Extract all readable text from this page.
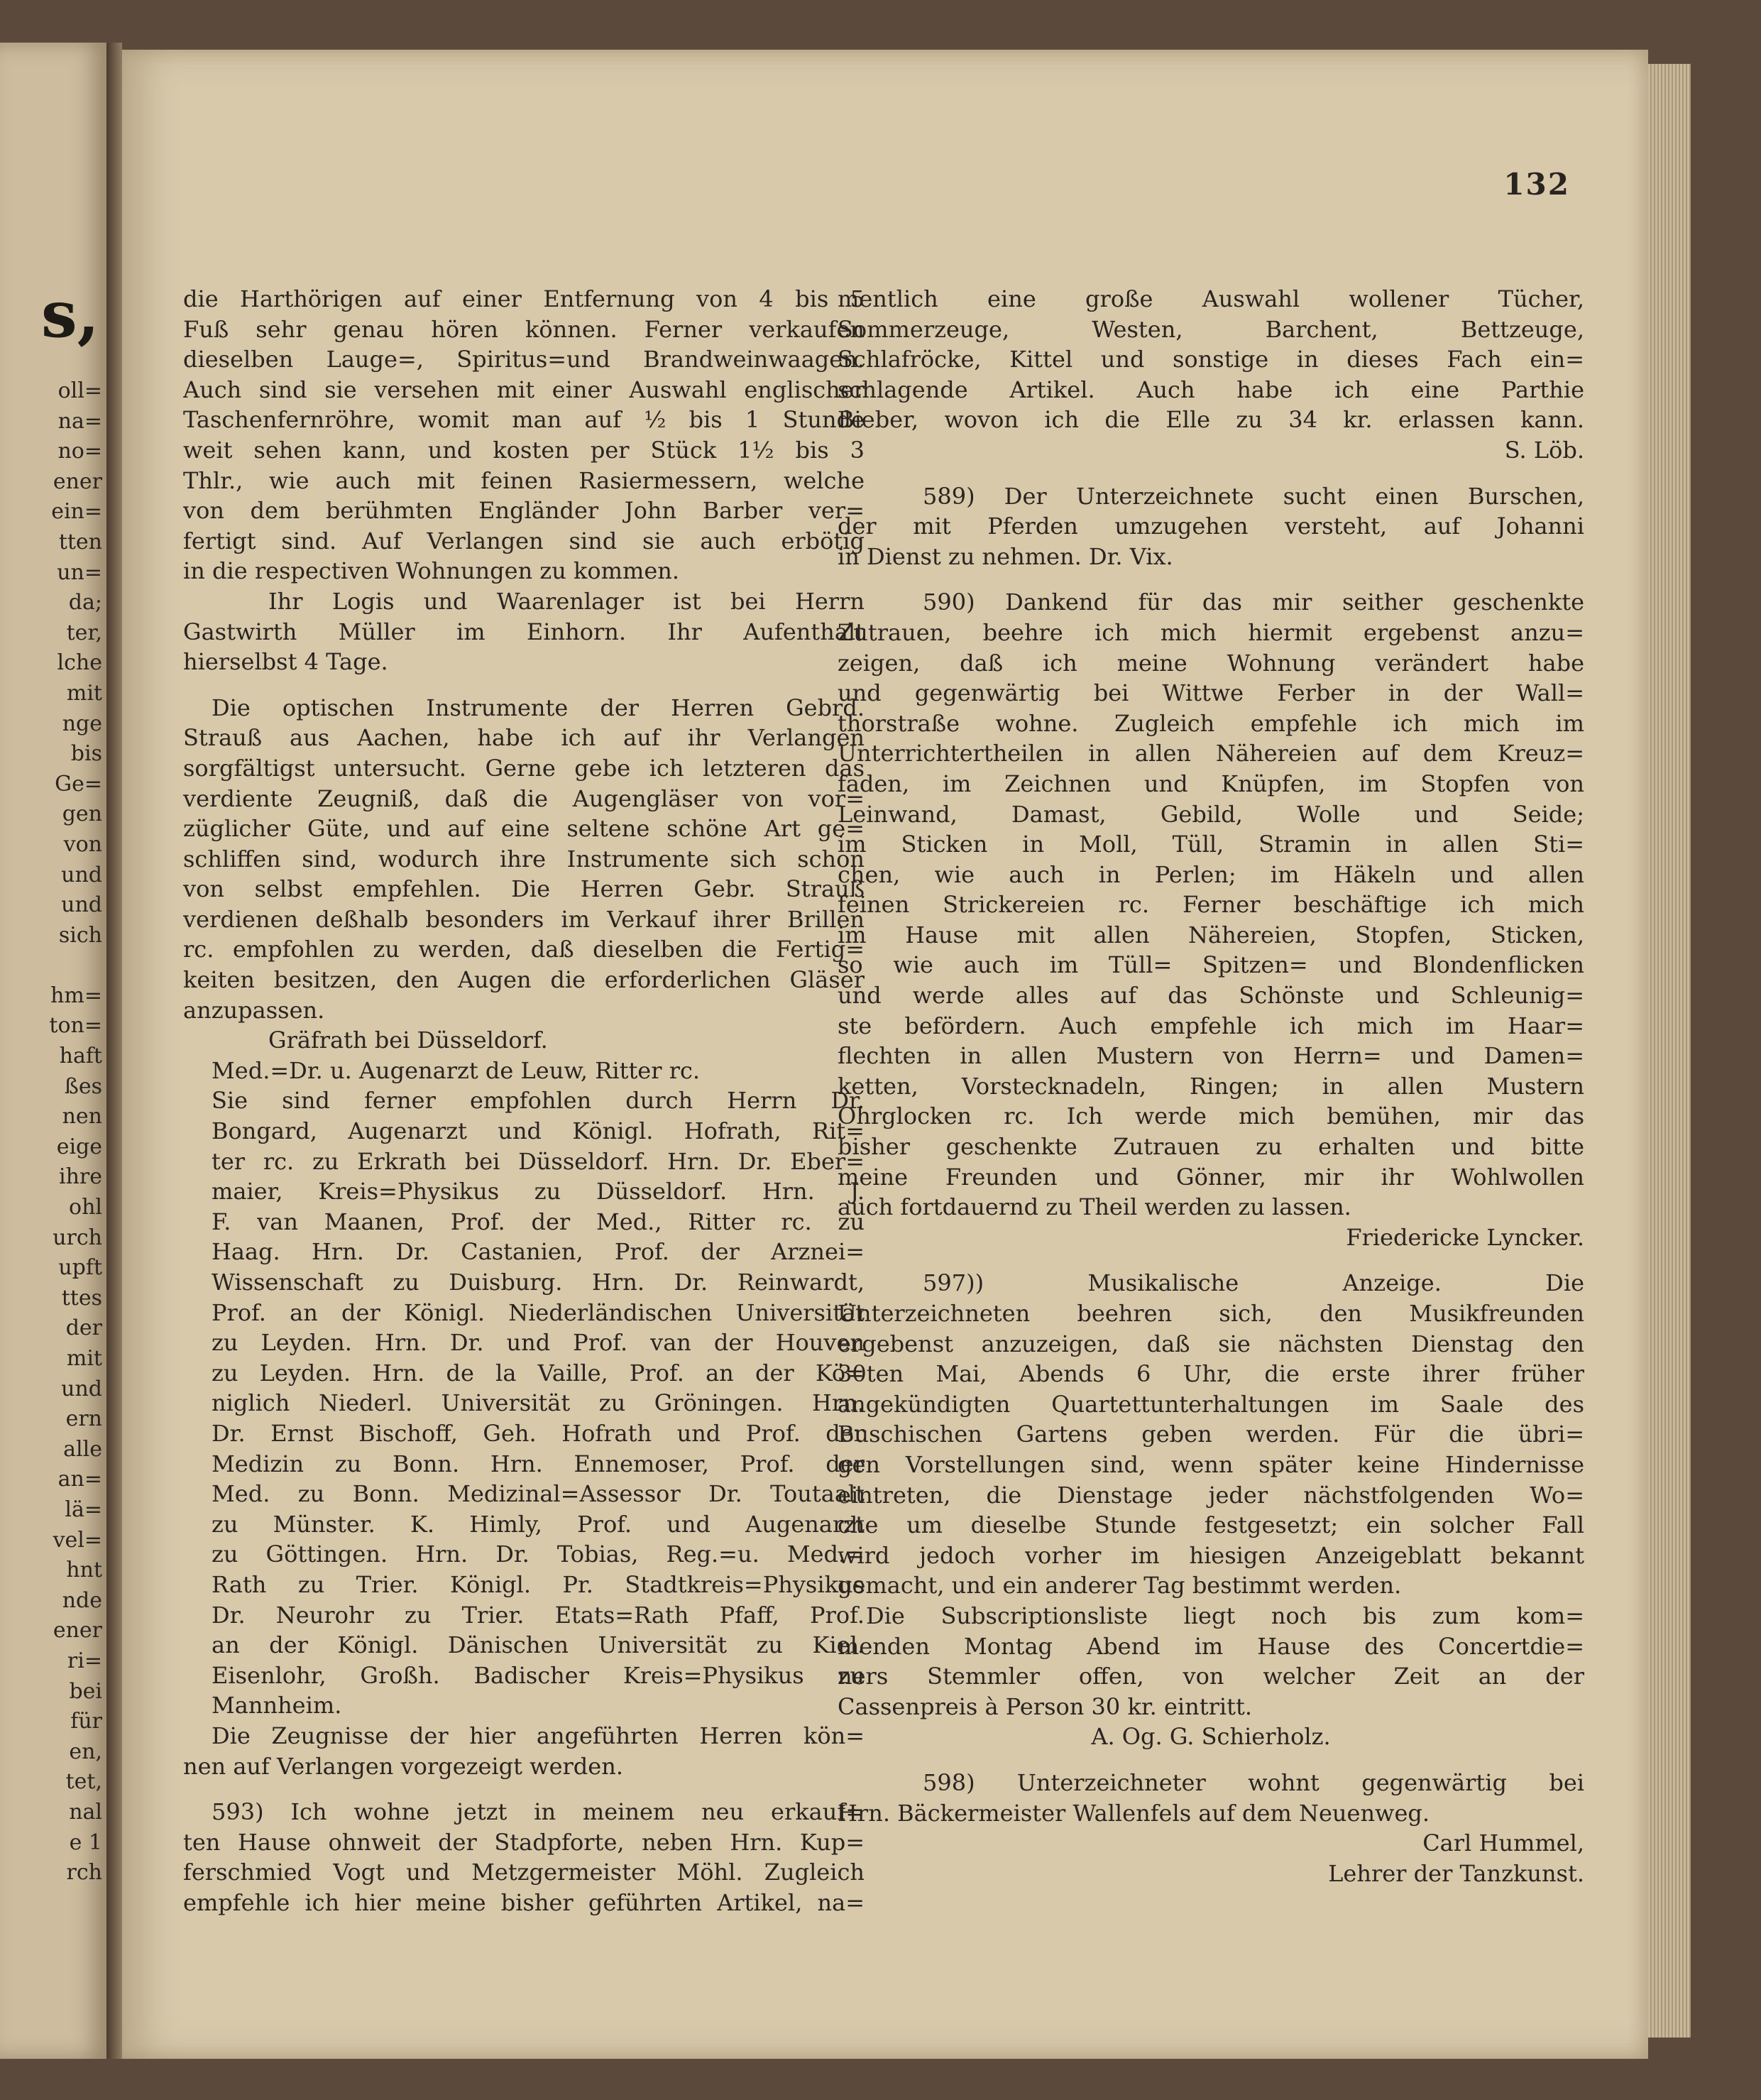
s,
oll=
na=
no=
ener
ein=
tten
un=
da;
ter,
lche
mit
nge
bis
Ge=
gen
von
und
und
sich
hm=
ton=
haft
ßes
nen
eige
ihre
ohl
urch
upft
ttes
der
mit
und
ern
alle
an=
lä=
vel=
hnt
nde
ener
ri=
bei
für
en,
tet,
nal
e 1
rch
132
die Harthörigen auf einer Entfernung von 4 bis 5
Fuß sehr genau hören können. Ferner verkaufen
dieselben Lauge=, Spiritus=und Brandweinwaagen.
Auch sind sie versehen mit einer Auswahl englischer
Taschenfernröhre, womit man auf ½ bis 1 Stunde
weit sehen kann, und kosten per Stück 1½ bis 3
Thlr., wie auch mit feinen Rasiermessern, welche
von dem berühmten Engländer John Barber ver=
fertigt sind. Auf Verlangen sind sie auch erbötig
in die respectiven Wohnungen zu kommen.
Ihr Logis und Waarenlager ist bei Herrn
Gastwirth Müller im Einhorn. Ihr Aufenthalt
hierselbst 4 Tage.
Die optischen Instrumente der Herren Gebrd.
Strauß aus Aachen, habe ich auf ihr Verlangen
sorgfältigst untersucht. Gerne gebe ich letzteren das
verdiente Zeugniß, daß die Augengläser von vor=
züglicher Güte, und auf eine seltene schöne Art ge=
schliffen sind, wodurch ihre Instrumente sich schon
von selbst empfehlen. Die Herren Gebr. Strauß
verdienen deßhalb besonders im Verkauf ihrer Brillen
rc. empfohlen zu werden, daß dieselben die Fertig=
keiten besitzen, den Augen die erforderlichen Gläser
anzupassen.
Gräfrath bei Düsseldorf.
Med.=Dr. u. Augenarzt de Leuw, Ritter rc.
Sie sind ferner empfohlen durch Herrn Dr.
Bongard, Augenarzt und Königl. Hofrath, Rit=
ter rc. zu Erkrath bei Düsseldorf. Hrn. Dr. Eber=
maier, Kreis=Physikus zu Düsseldorf. Hrn. J.
F. van Maanen, Prof. der Med., Ritter rc. zu
Haag. Hrn. Dr. Castanien, Prof. der Arznei=
Wissenschaft zu Duisburg. Hrn. Dr. Reinwardt,
Prof. an der Königl. Niederländischen Universität
zu Leyden. Hrn. Dr. und Prof. van der Houven
zu Leyden. Hrn. de la Vaille, Prof. an der Kö=
niglich Niederl. Universität zu Gröningen. Hrn.
Dr. Ernst Bischoff, Geh. Hofrath und Prof. der
Medizin zu Bonn. Hrn. Ennemoser, Prof. der
Med. zu Bonn. Medizinal=Assessor Dr. Toutaalt
zu Münster. K. Himly, Prof. und Augenarzt
zu Göttingen. Hrn. Dr. Tobias, Reg.=u. Med.=
Rath zu Trier. Königl. Pr. Stadtkreis=Physikus
Dr. Neurohr zu Trier. Etats=Rath Pfaff, Prof.
an der Königl. Dänischen Universität zu Kiel.
Eisenlohr, Großh. Badischer Kreis=Physikus zu
Mannheim.
Die Zeugnisse der hier angeführten Herren kön=
nen auf Verlangen vorgezeigt werden.
593) Ich wohne jetzt in meinem neu erkauf=
ten Hause ohnweit der Stadpforte, neben Hrn. Kup=
ferschmied Vogt und Metzgermeister Möhl. Zugleich
empfehle ich hier meine bisher geführten Artikel, na=
mentlich eine große Auswahl wollener Tücher,
Sommerzeuge, Westen, Barchent, Bettzeuge,
Schlafröcke, Kittel und sonstige in dieses Fach ein=
schlagende Artikel. Auch habe ich eine Parthie
Bieber, wovon ich die Elle zu 34 kr. erlassen kann.
S. Löb.
589) Der Unterzeichnete sucht einen Burschen,
der mit Pferden umzugehen versteht, auf Johanni
in Dienst zu nehmen. Dr. Vix.
590) Dankend für das mir seither geschenkte
Zutrauen, beehre ich mich hiermit ergebenst anzu=
zeigen, daß ich meine Wohnung verändert habe
und gegenwärtig bei Wittwe Ferber in der Wall=
thorstraße wohne. Zugleich empfehle ich mich im
Unterrichtertheilen in allen Nähereien auf dem Kreuz=
faden, im Zeichnen und Knüpfen, im Stopfen von
Leinwand, Damast, Gebild, Wolle und Seide;
im Sticken in Moll, Tüll, Stramin in allen Sti=
chen, wie auch in Perlen; im Häkeln und allen
feinen Strickereien rc. Ferner beschäftige ich mich
im Hause mit allen Nähereien, Stopfen, Sticken,
so wie auch im Tüll= Spitzen= und Blondenflicken
und werde alles auf das Schönste und Schleunig=
ste befördern. Auch empfehle ich mich im Haar=
flechten in allen Mustern von Herrn= und Damen=
ketten, Vorstecknadeln, Ringen; in allen Mustern
Ohrglocken rc. Ich werde mich bemühen, mir das
bisher geschenkte Zutrauen zu erhalten und bitte
meine Freunden und Gönner, mir ihr Wohlwollen
auch fortdauernd zu Theil werden zu lassen.
Friedericke Lyncker.
597)) Musikalische Anzeige. Die
Unterzeichneten beehren sich, den Musikfreunden
ergebenst anzuzeigen, daß sie nächsten Dienstag den
30ten Mai, Abends 6 Uhr, die erste ihrer früher
angekündigten Quartettunterhaltungen im Saale des
Buschischen Gartens geben werden. Für die übri=
gen Vorstellungen sind, wenn später keine Hindernisse
eintreten, die Dienstage jeder nächstfolgenden Wo=
che um dieselbe Stunde festgesetzt; ein solcher Fall
wird jedoch vorher im hiesigen Anzeigeblatt bekannt
gemacht, und ein anderer Tag bestimmt werden.
Die Subscriptionsliste liegt noch bis zum kom=
menden Montag Abend im Hause des Concertdie=
ners Stemmler offen, von welcher Zeit an der
Cassenpreis à Person 30 kr. eintritt.
A. Og. G. Schierholz.
598) Unterzeichneter wohnt gegenwärtig bei
Hrn. Bäckermeister Wallenfels auf dem Neuenweg.
Carl Hummel,
Lehrer der Tanzkunst.
